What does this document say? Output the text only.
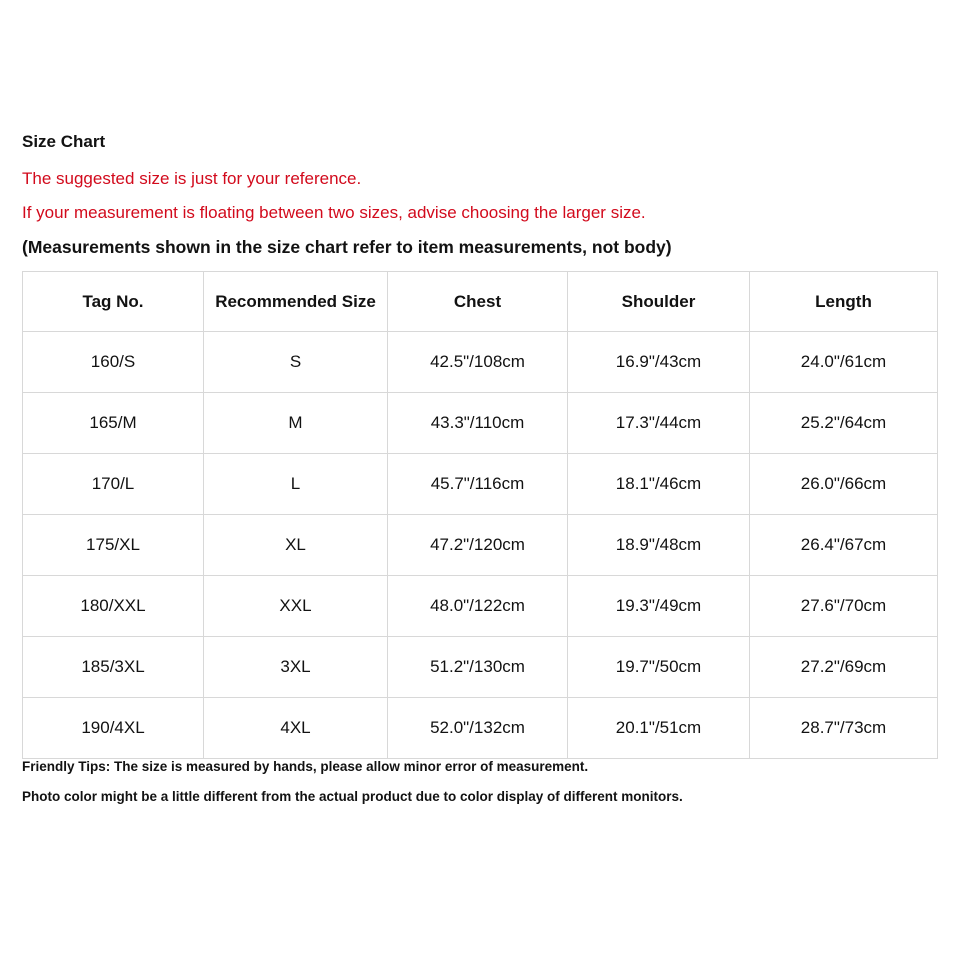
Size Chart

The suggested size is just for your reference.

If your measurement is floating between two sizes, advise choosing the larger size.

(Measurements shown in the size chart refer to item measurements, not body)

Tag No.	Recommended Size	Chest	Shoulder	Length
160/S	S	42.5"/108cm	16.9"/43cm	24.0"/61cm
165/M	M	43.3"/110cm	17.3"/44cm	25.2"/64cm
170/L	L	45.7"/116cm	18.1"/46cm	26.0"/66cm
175/XL	XL	47.2"/120cm	18.9"/48cm	26.4"/67cm
180/XXL	XXL	48.0"/122cm	19.3"/49cm	27.6"/70cm
185/3XL	3XL	51.2"/130cm	19.7"/50cm	27.2"/69cm
190/4XL	4XL	52.0"/132cm	20.1"/51cm	28.7"/73cm

Friendly Tips: The size is measured by hands, please allow minor error of measurement.

Photo color might be a little different from the actual product due to color display of different monitors.
